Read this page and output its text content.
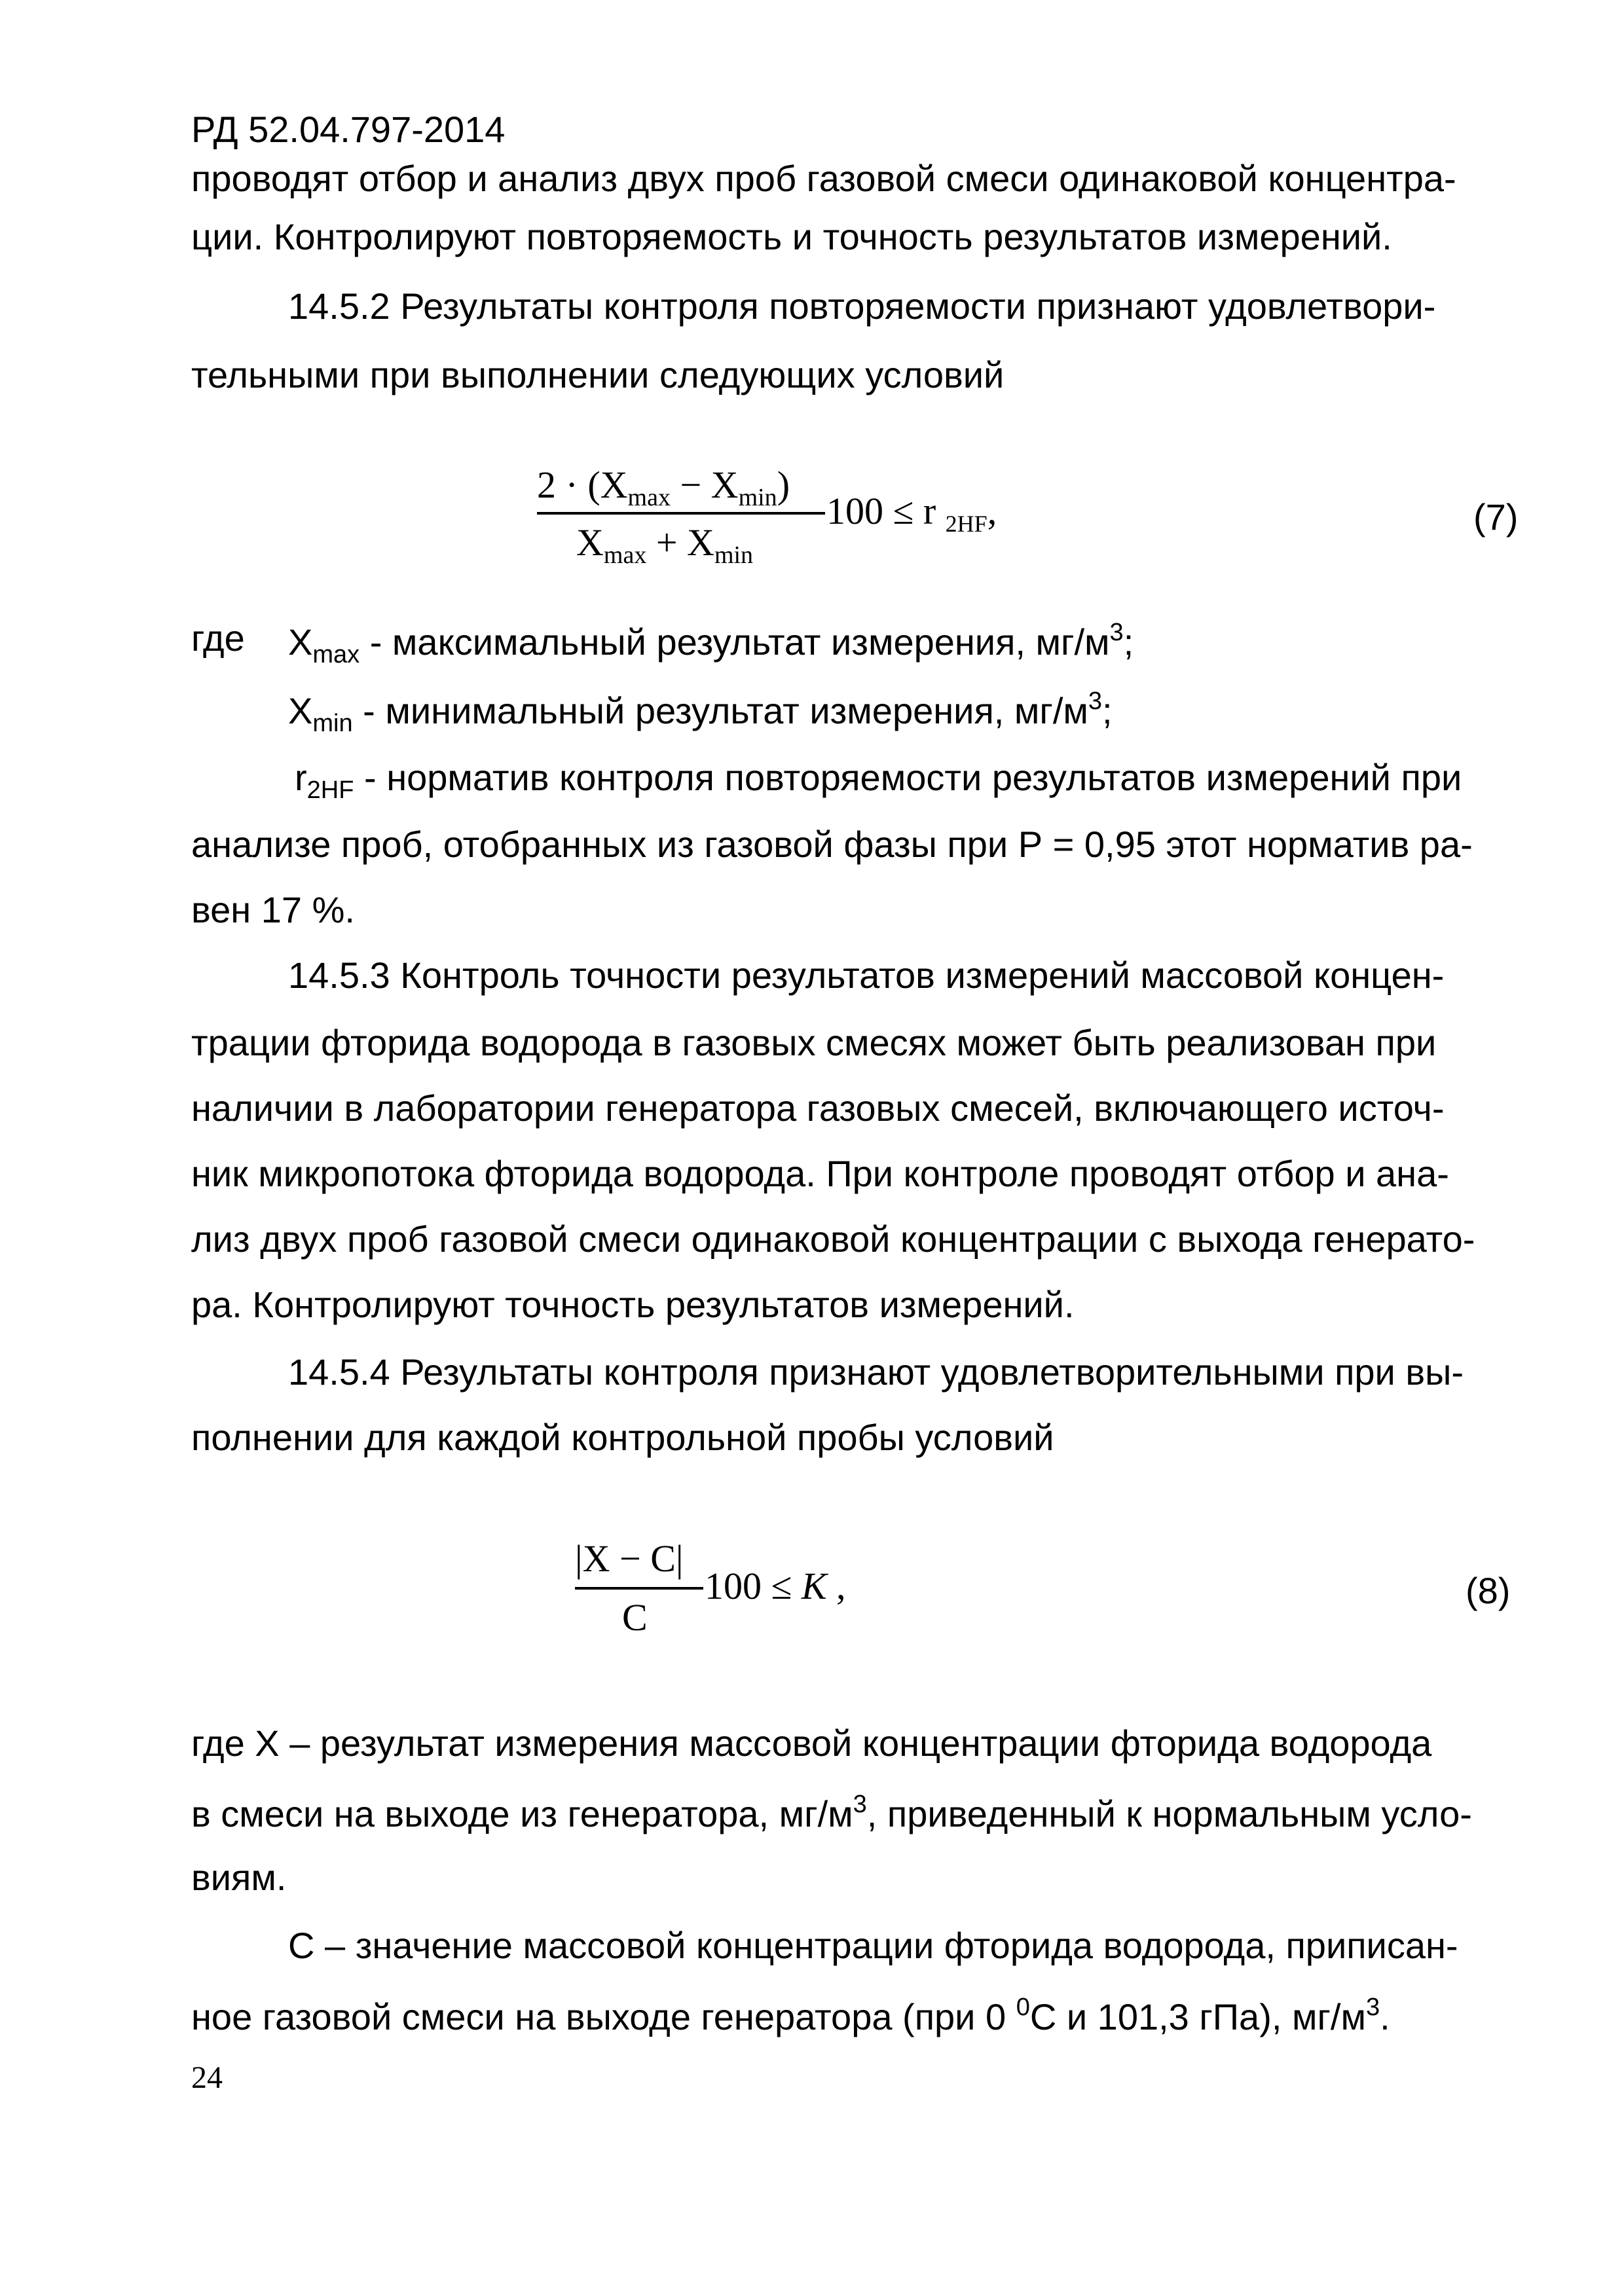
РД 52.04.797-2014
проводят отбор и анализ двух проб газовой смеси одинаковой концентра-
ции. Контролируют повторяемость и точность результатов измерений.
14.5.2 Результаты контроля повторяемости признают удовлетвори-
тельными при выполнении следующих условий
$2 \cdot (X_{max} - X_{min})$
$X_{max} + X_{min}$
100 ≤ r $_{2HF}$,	(7)
где $X_{max}$ - максимальный результат измерения, $мг/м^3$;
$X_{min}$ - минимальный результат измерения, $мг/м^3$;
$r_{2HF}$ - норматив контроля повторяемости результатов измерений при
анализе проб, отобранных из газовой фазы при Р = 0,95 этот норматив ра-
вен 17 %.
14.5.3 Контроль точности результатов измерений массовой концен-
трации фторида водорода в газовых смесях может быть реализован при
наличии в лаборатории генератора газовых смесей, включающего источ-
ник микропотока фторида водорода. При контроле проводят отбор и ана-
лиз двух проб газовой смеси одинаковой концентрации с выхода генерато-
ра. Контролируют точность результатов измерений.
14.5.4 Результаты контроля признают удовлетворительными при вы-
полнении для каждой контрольной пробы условий
|X − C|
C
100 ≤ K ,	(8)
где X – результат измерения массовой концентрации фторида водорода
в смеси на выходе из генератора, $мг/м^3$, приведенный к нормальным усло-
виям.
С – значение массовой концентрации фторида водорода, приписан-
ное газовой смеси на выходе генератора (при 0 $^0$С и 101,3 гПа), $мг/м^3$.
24
